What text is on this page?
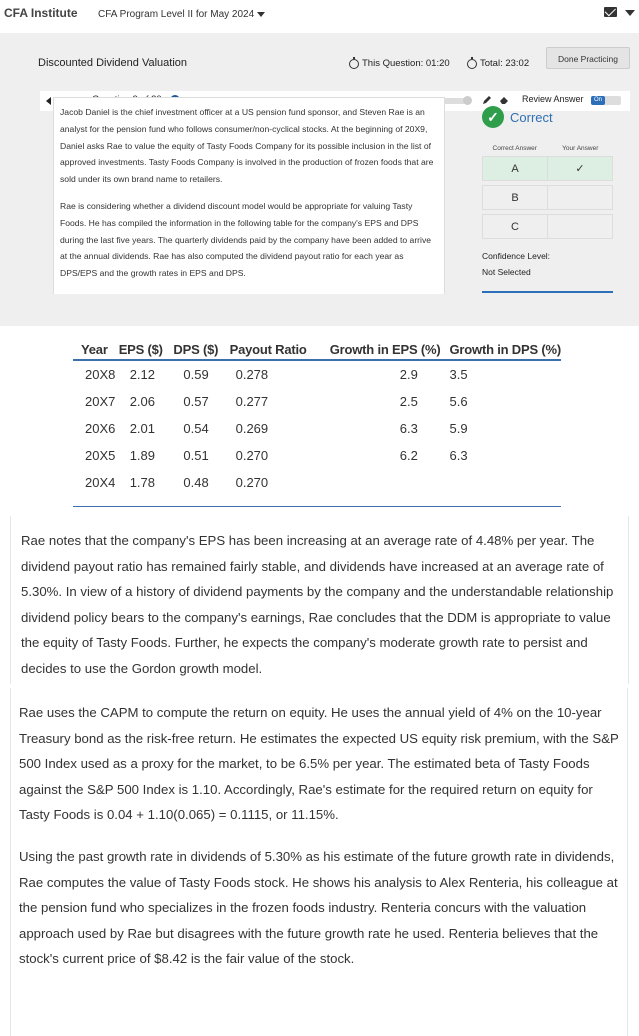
CFA Institute CFA Program Level II for May 2024
Discounted Dividend Valuation	This Question: 01:20	Total: 23:02	Done Practicing
Review Answer	On

Jacob Daniel is the chief investment officer at a US pension fund sponsor, and Steven Rae is an analyst for the pension fund who follows consumer/non-cyclical stocks. At the beginning of 20X9, Daniel asks Rae to value the equity of Tasty Foods Company for its possible inclusion in the list of approved investments. Tasty Foods Company is involved in the production of frozen foods that are sold under its own brand name to retailers.

Rae is considering whether a dividend discount model would be appropriate for valuing Tasty Foods. He has compiled the information in the following table for the company's EPS and DPS during the last five years. The quarterly dividends paid by the company have been added to arrive at the annual dividends. Rae has also computed the dividend payout ratio for each year as DPS/EPS and the growth rates in EPS and DPS.

✓ Correct
Correct Answer	Your Answer
A	✓

B	

C	
Confidence Level:
Not Selected
Year	EPS ($)	DPS ($)	Payout Ratio	Growth in EPS (%)	Growth in DPS (%)
20X8	2.12	0.59	0.278	2.9	3.5
20X7	2.06	0.57	0.277	2.5	5.6
20X6	2.01	0.54	0.269	6.3	5.9
20X5	1.89	0.51	0.270	6.2	6.3
20X4	1.78	0.48	0.270		

Rae notes that the company's EPS has been increasing at an average rate of 4.48% per year. The dividend payout ratio has remained fairly stable, and dividends have increased at an average rate of 5.30%. In view of a history of dividend payments by the company and the understandable relationship dividend policy bears to the company's earnings, Rae concludes that the DDM is appropriate to value the equity of Tasty Foods. Further, he expects the company's moderate growth rate to persist and decides to use the Gordon growth model.

Rae uses the CAPM to compute the return on equity. He uses the annual yield of 4% on the 10-year Treasury bond as the risk-free return. He estimates the expected US equity risk premium, with the S&P 500 Index used as a proxy for the market, to be 6.5% per year. The estimated beta of Tasty Foods against the S&P 500 Index is 1.10. Accordingly, Rae's estimate for the required return on equity for Tasty Foods is 0.04 + 1.10(0.065) = 0.1115, or 11.15%.

Using the past growth rate in dividends of 5.30% as his estimate of the future growth rate in dividends, Rae computes the value of Tasty Foods stock. He shows his analysis to Alex Renteria, his colleague at the pension fund who specializes in the frozen foods industry. Renteria concurs with the valuation approach used by Rae but disagrees with the future growth rate he used. Renteria believes that the stock's current price of $8.42 is the fair value of the stock.
